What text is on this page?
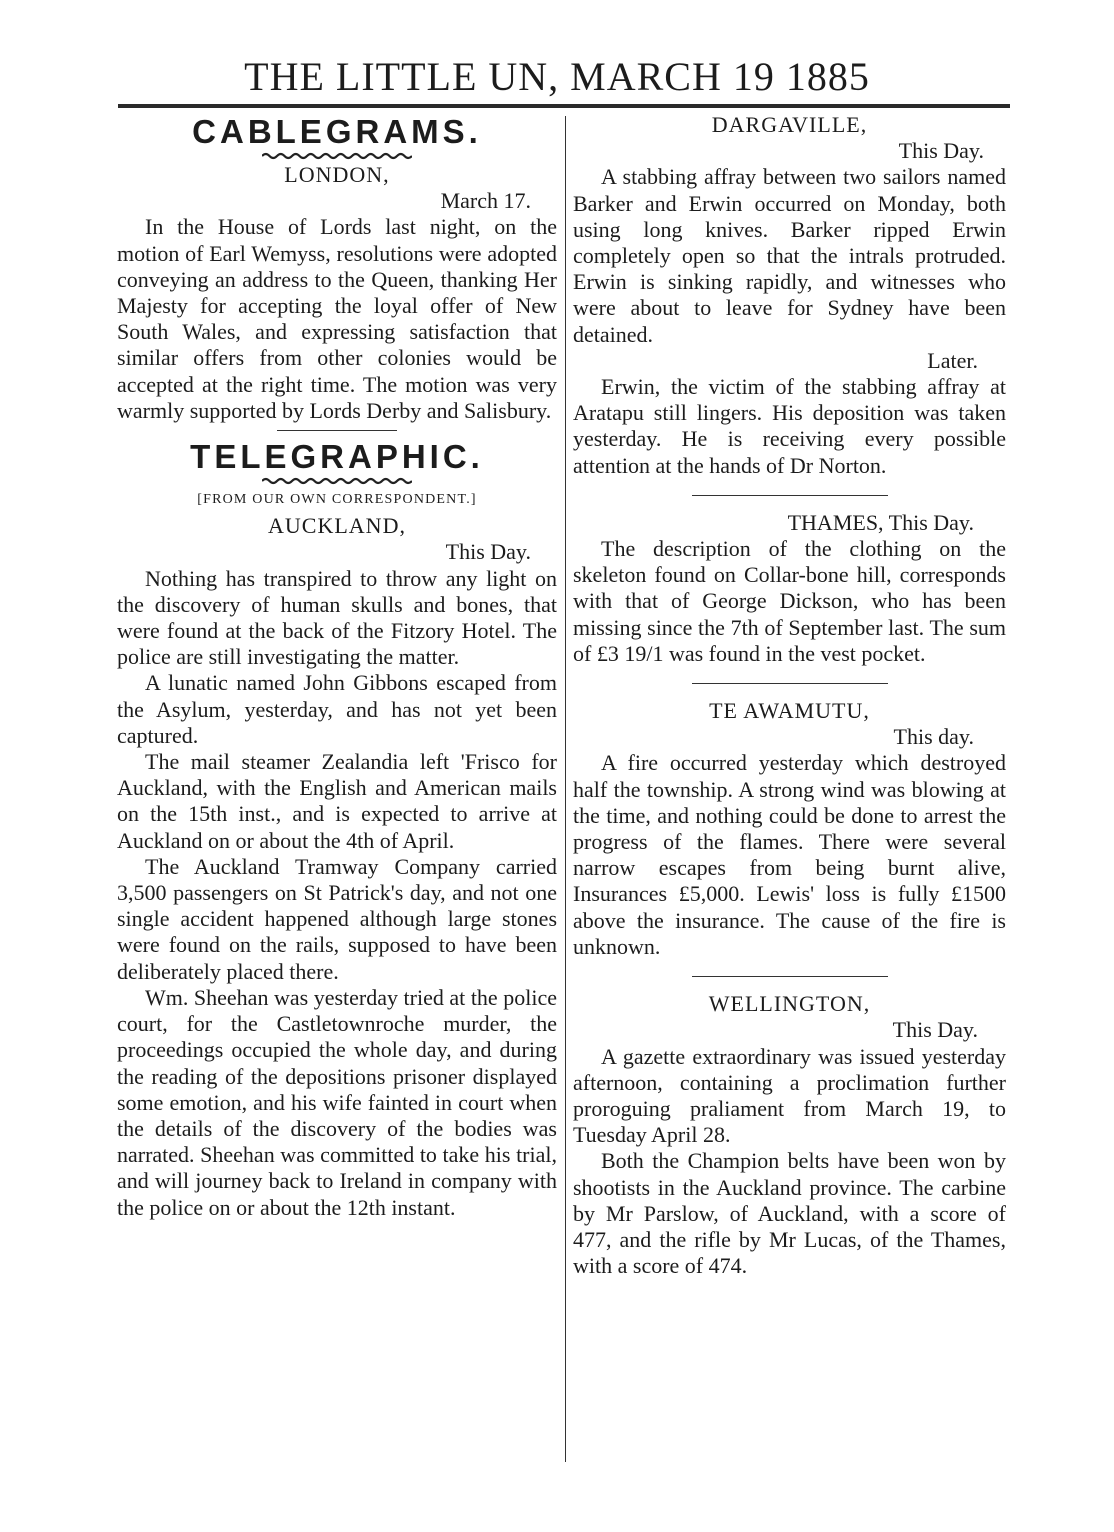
THE LITTLE UN, MARCH 19 1885

CABLEGRAMS.

LONDON,

March 17.

In the House of Lords last night, on the motion of Earl Wemyss, resolutions were adopted conveying an address to the Queen, thanking Her Majesty for accepting the loyal offer of New South Wales, and expressing satisfaction that similar offers from other colonies would be accepted at the right time. The motion was very warmly supported by Lords Derby and Salisbury.

TELEGRAPHIC.

[FROM OUR OWN CORRESPONDENT.]

AUCKLAND,

This Day.

Nothing has transpired to throw any light on the discovery of human skulls and bones, that were found at the back of the Fitzory Hotel. The police are still investigating the matter.

A lunatic named John Gibbons escaped from the Asylum, yesterday, and has not yet been captured.

The mail steamer Zealandia left 'Frisco for Auckland, with the English and American mails on the 15th inst., and is expected to arrive at Auckland on or about the 4th of April.

The Auckland Tramway Company carried 3,500 passengers on St Patrick's day, and not one single accident happened although large stones were found on the rails, supposed to have been deliberately placed there.

Wm. Sheehan was yesterday tried at the police court, for the Castletownroche murder, the proceedings occupied the whole day, and during the reading of the depositions prisoner displayed some emotion, and his wife fainted in court when the details of the discovery of the bodies was narrated. Sheehan was committed to take his trial, and will journey back to Ireland in company with the police on or about the 12th instant.

DARGAVILLE,

This Day.

A stabbing affray between two sailors named Barker and Erwin occurred on Monday, both using long knives. Barker ripped Erwin completely open so that the intrals protruded. Erwin is sinking rapidly, and witnesses who were about to leave for Sydney have been detained.

Later.

Erwin, the victim of the stabbing affray at Aratapu still lingers. His deposition was taken yesterday. He is receiving every possible attention at the hands of Dr Norton.

THAMES, This Day.

The description of the clothing on the skeleton found on Collar-bone hill, corresponds with that of George Dickson, who has been missing since the 7th of September last. The sum of £3 19/1 was found in the vest pocket.

TE AWAMUTU,

This day.

A fire occurred yesterday which destroyed half the township. A strong wind was blowing at the time, and nothing could be done to arrest the progress of the flames. There were several narrow escapes from being burnt alive, Insurances £5,000. Lewis' loss is fully £1500 above the insurance. The cause of the fire is unknown.

WELLINGTON,

This Day.

A gazette extraordinary was issued yesterday afternoon, containing a proclimation further proroguing praliament from March 19, to Tuesday April 28.

Both the Champion belts have been won by shootists in the Auckland province. The carbine by Mr Parslow, of Auckland, with a score of 477, and the rifle by Mr Lucas, of the Thames, with a score of 474.
